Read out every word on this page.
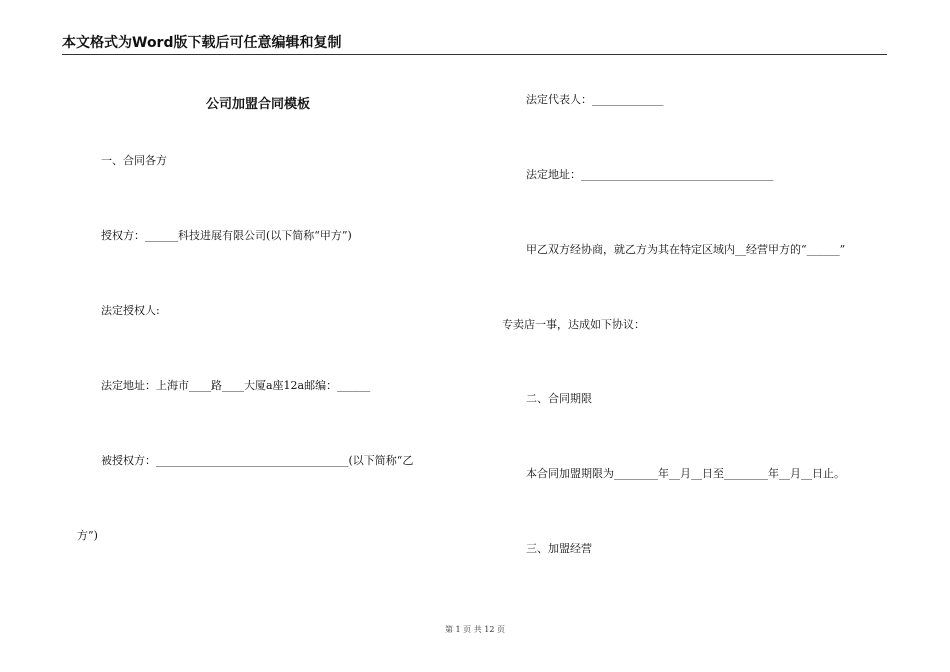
本文格式为Word版下载后可任意编辑和复制
公司加盟合同模板
一、合同各方
授权方：______科技进展有限公司(以下简称“甲方”)
法定授权人:
法定地址：上海市____路____大厦a座12a邮编：______
被授权方：___________________________________(以下简称“乙
方”)
法定代表人：_____________
法定地址：___________________________________
甲乙双方经协商，就乙方为其在特定区域内__经营甲方的“______”
专卖店一事，达成如下协议：
二、合同期限
本合同加盟期限为________年__月__日至________年__月__日止。
三、加盟经营
第 1 页 共 12 页
